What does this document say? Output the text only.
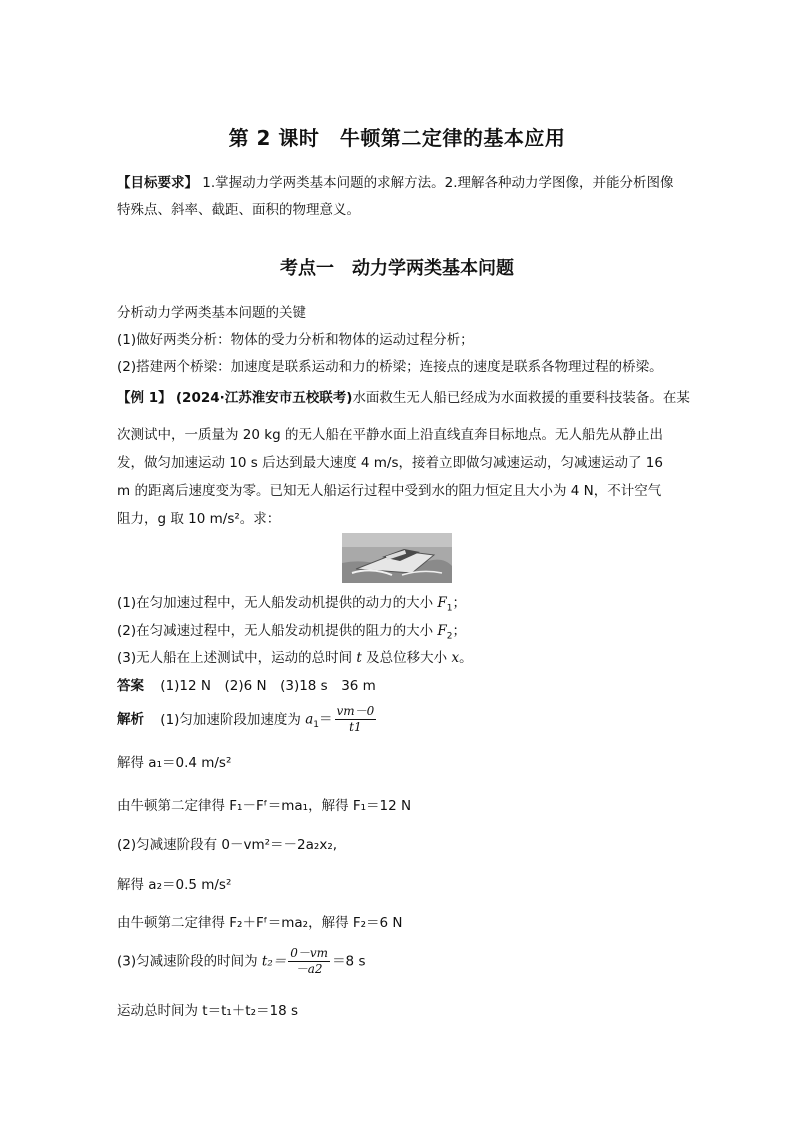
第 2 课时　牛顿第二定律的基本应用
【目标要求】 1.掌握动力学两类基本问题的求解方法。2.理解各种动力学图像，并能分析图像
特殊点、斜率、截距、面积的物理意义。
考点一　动力学两类基本问题
分析动力学两类基本问题的关键
(1)做好两类分析：物体的受力分析和物体的运动过程分析；
(2)搭建两个桥梁：加速度是联系运动和力的桥梁；连接点的速度是联系各物理过程的桥梁。
【例 1】 (2024·江苏淮安市五校联考)水面救生无人船已经成为水面救援的重要科技装备。在某
次测试中，一质量为 20 kg 的无人船在平静水面上沿直线直奔目标地点。无人船先从静止出
发，做匀加速运动 10 s 后达到最大速度 4 m/s，接着立即做匀减速运动，匀减速运动了 16
m 的距离后速度变为零。已知无人船运行过程中受到水的阻力恒定且大小为 4 N，不计空气
阻力，g 取 10 m/s²。求：
(1)在匀加速过程中，无人船发动机提供的动力的大小 $F_1$；
(2)在匀减速过程中，无人船发动机提供的阻力的大小 $F_2$；
(3)无人船在上述测试中，运动的总时间 t 及总位移大小 x。
答案 (1)12 N　(2)6 N　(3)18 s　36 m
解析 (1)匀加速阶段加速度为 $a_1= \frac{vm-0}{t1}$
解得 a₁＝0.4 m/s²
由牛顿第二定律得 F₁－Fᶠ＝ma₁，解得 F₁＝12 N
(2)匀减速阶段有 0－vm²＝－2a₂x₂,
解得 a₂＝0.5 m/s²
由牛顿第二定律得 F₂＋Fᶠ＝ma₂，解得 F₂＝6 N
(3)匀减速阶段的时间为 $t_2= \frac{0-vm}{-a2} =8$ s
运动总时间为 t＝t₁＋t₂＝18 s
